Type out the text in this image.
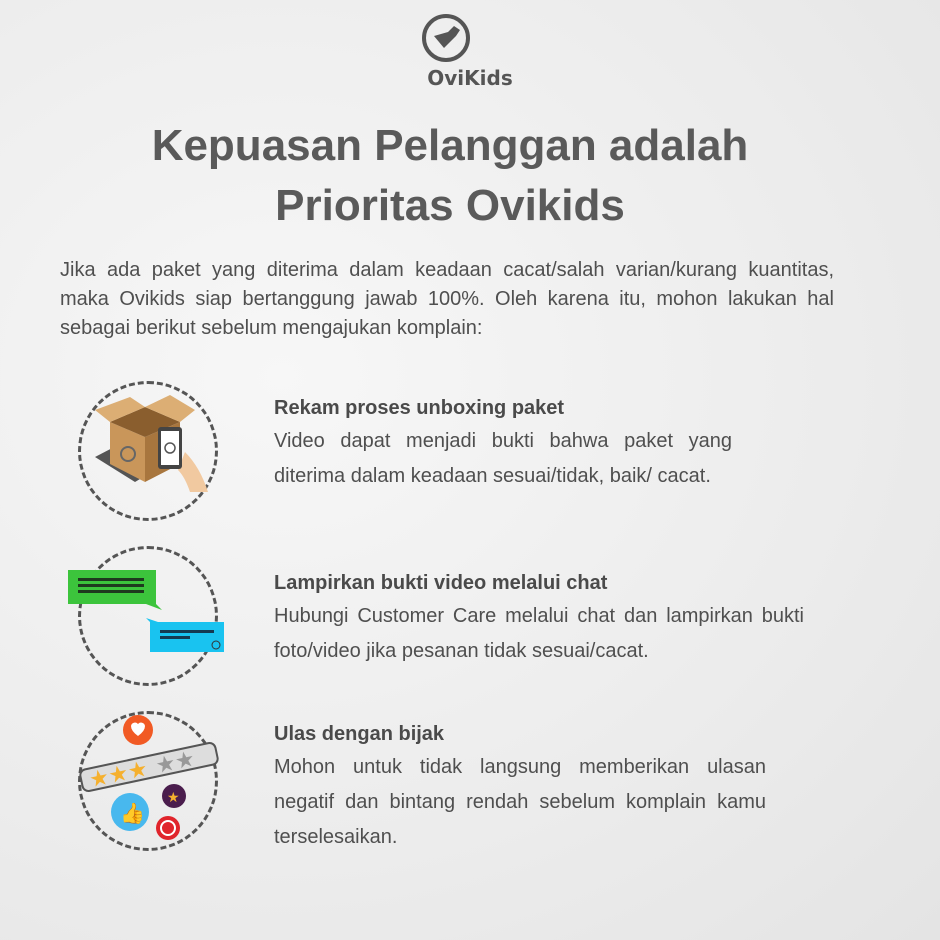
OviKids
Kepuasan Pelanggan adalah
Prioritas Ovikids

Jika ada paket yang diterima dalam keadaan cacat/salah varian/kurang kuantitas, maka Ovikids siap bertanggung jawab 100%. Oleh karena itu, mohon lakukan hal sebagai berikut sebelum mengajukan komplain:

Rekam proses unboxing paket

Video dapat menjadi bukti bahwa paket yang diterima dalam keadaan sesuai/tidak, baik/ cacat.

Lampirkan bukti video melalui chat

Hubungi Customer Care melalui chat dan lampirkan bukti foto/video jika pesanan tidak sesuai/cacat.

★★★ ★★
👍
★
Ulas dengan bijak

Mohon untuk tidak langsung memberikan ulasan negatif dan bintang rendah sebelum komplain kamu terselesaikan.
